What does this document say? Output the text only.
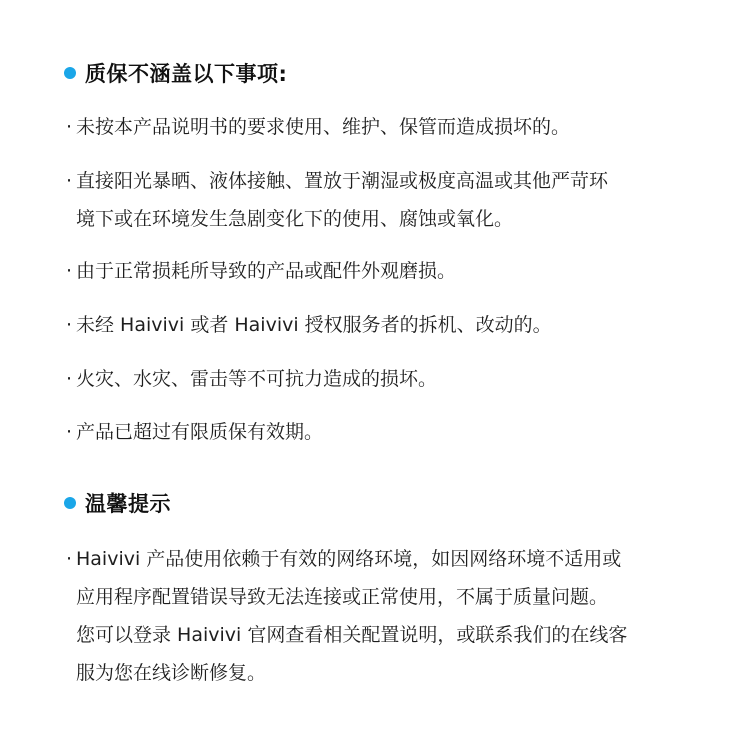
质保不涵盖以下事项:
· 未按本产品说明书的要求使用、维护、保管而造成损坏的。
· 直接阳光暴晒、液体接触、置放于潮湿或极度高温或其他严苛环
境下或在环境发生急剧变化下的使用、腐蚀或氧化。
· 由于正常损耗所导致的产品或配件外观磨损。
· 未经 Haivivi 或者 Haivivi 授权服务者的拆机、改动的。
· 火灾、水灾、雷击等不可抗力造成的损坏。
· 产品已超过有限质保有效期。
温馨提示
· Haivivi 产品使用依赖于有效的网络环境，如因网络环境不适用或
应用程序配置错误导致无法连接或正常使用，不属于质量问题。
您可以登录 Haivivi 官网查看相关配置说明，或联系我们的在线客
服为您在线诊断修复。
